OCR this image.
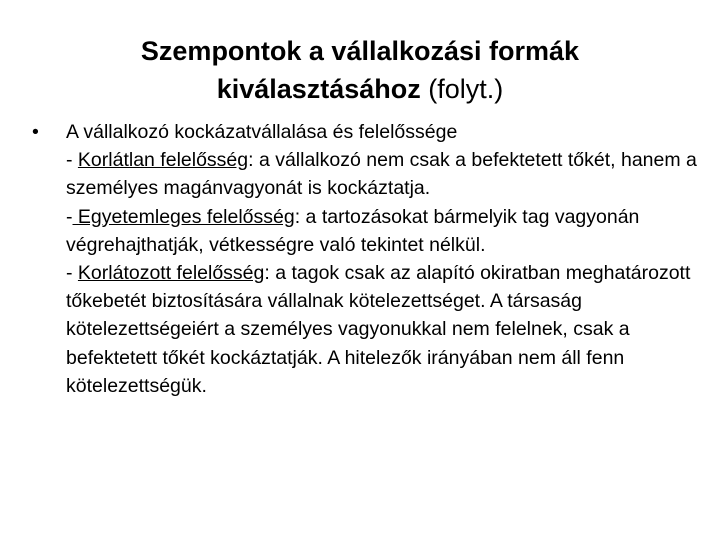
Szempontok a vállalkozási formák
kiválasztásához (folyt.)
•	A vállalkozó kockázatvállalása és felelőssége
- Korlátlan felelősség: a vállalkozó nem csak a befektetett tőkét, hanem a személyes magánvagyonát is kockáztatja.
- Egyetemleges felelősség: a tartozásokat bármelyik tag vagyonán végrehajthatják, vétkességre való tekintet nélkül.
- Korlátozott felelősség: a tagok csak az alapító okiratban meghatározott tőkebetét biztosítására vállalnak kötelezettséget. A társaság kötelezettségeiért a személyes vagyonukkal nem felelnek, csak a befektetett tőkét kockáztatják. A hitelezők irányában nem áll fenn kötelezettségük.
